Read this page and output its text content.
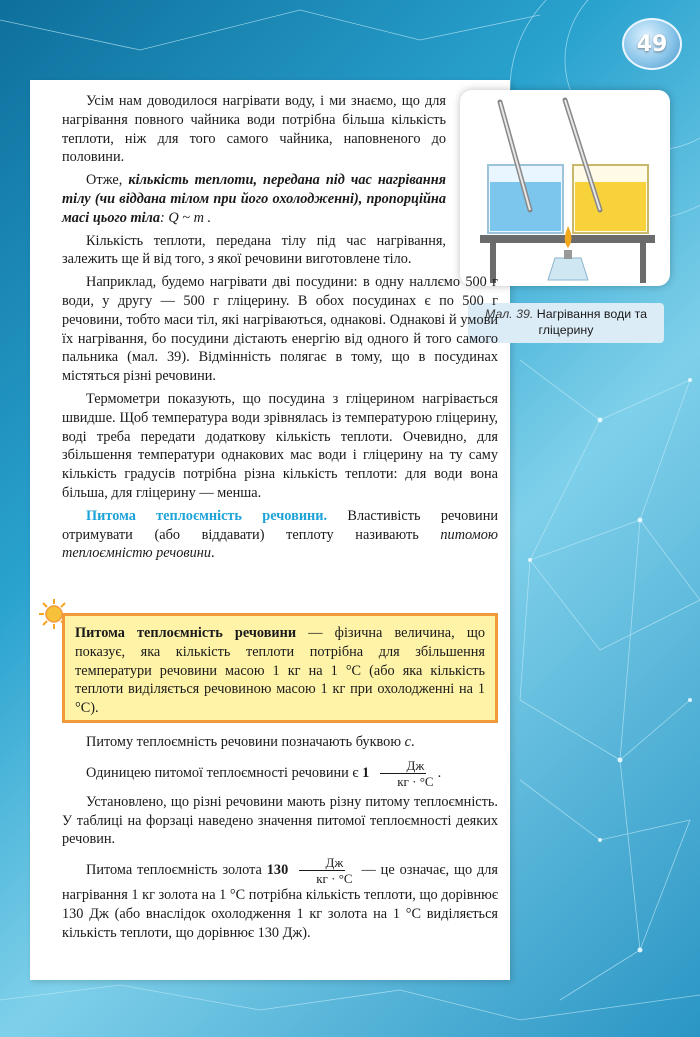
49
Мал. 39. Нагрівання води та гліцерину

Усім нам доводилося нагрівати воду, і ми знаємо, що для нагрівання повного чайника води потрібна більша кількість теплоти, ніж для того самого чайника, наповненого до половини.

Отже, кількість теплоти, передана під час нагрівання тілу (чи віддана тілом при його охолодженні), пропорційна масі цього тіла: Q ~ m .

Кількість теплоти, передана тілу під час нагрівання, залежить ще й від того, з якої речовини виготовлене тіло.

Наприклад, будемо нагрівати дві посудини: в одну наллємо 500 г води, у другу — 500 г гліцерину. В обох посудинах є по 500 г речовини, тобто маси тіл, які нагріваються, однакові. Однакові й умови їх нагрівання, бо посудини дістають енергію від одного й того самого пальника (мал. 39). Відмінність полягає в тому, що в посудинах містяться різні речовини.

Термометри показують, що посудина з гліцерином нагрівається швидше. Щоб температура води зрівнялась із температурою гліцерину, воді треба передати додаткову кількість теплоти. Очевидно, для збільшення температури однакових мас води і гліцерину на ту саму кількість градусів потрібна різна кількість теплоти: для води вона більша, для гліцерину — менша.

Питома теплоємність речовини. Властивість речовини отримувати (або віддавати) теплоту називають питомою теплоємністю речовини.

Питома теплоємність речовини — фізична величина, що показує, яка кількість теплоти потрібна для збільшення температури речовини масою 1 кг на 1 °С (або яка кількість теплоти виділяється речовиною масою 1 кг при охолодженні на 1 °С).

Питому теплоємність речовини позначають буквою c.

Одиницею питомої теплоємності речовини є $1 \frac{Дж}{кг \cdot ^\circ С}$ .

Установлено, що різні речовини мають різну питому теплоємність. У таблиці на форзаці наведено значення питомої теплоємності деяких речовин.

Питома теплоємність золота $130 \frac{Дж}{кг \cdot ^\circ С}$ — це означає, що для нагрівання 1 кг золота на 1 °С потрібна кількість теплоти, що дорівнює 130 Дж (або внаслідок охолодження 1 кг золота на 1 °С виділяється кількість теплоти, що дорівнює 130 Дж).
